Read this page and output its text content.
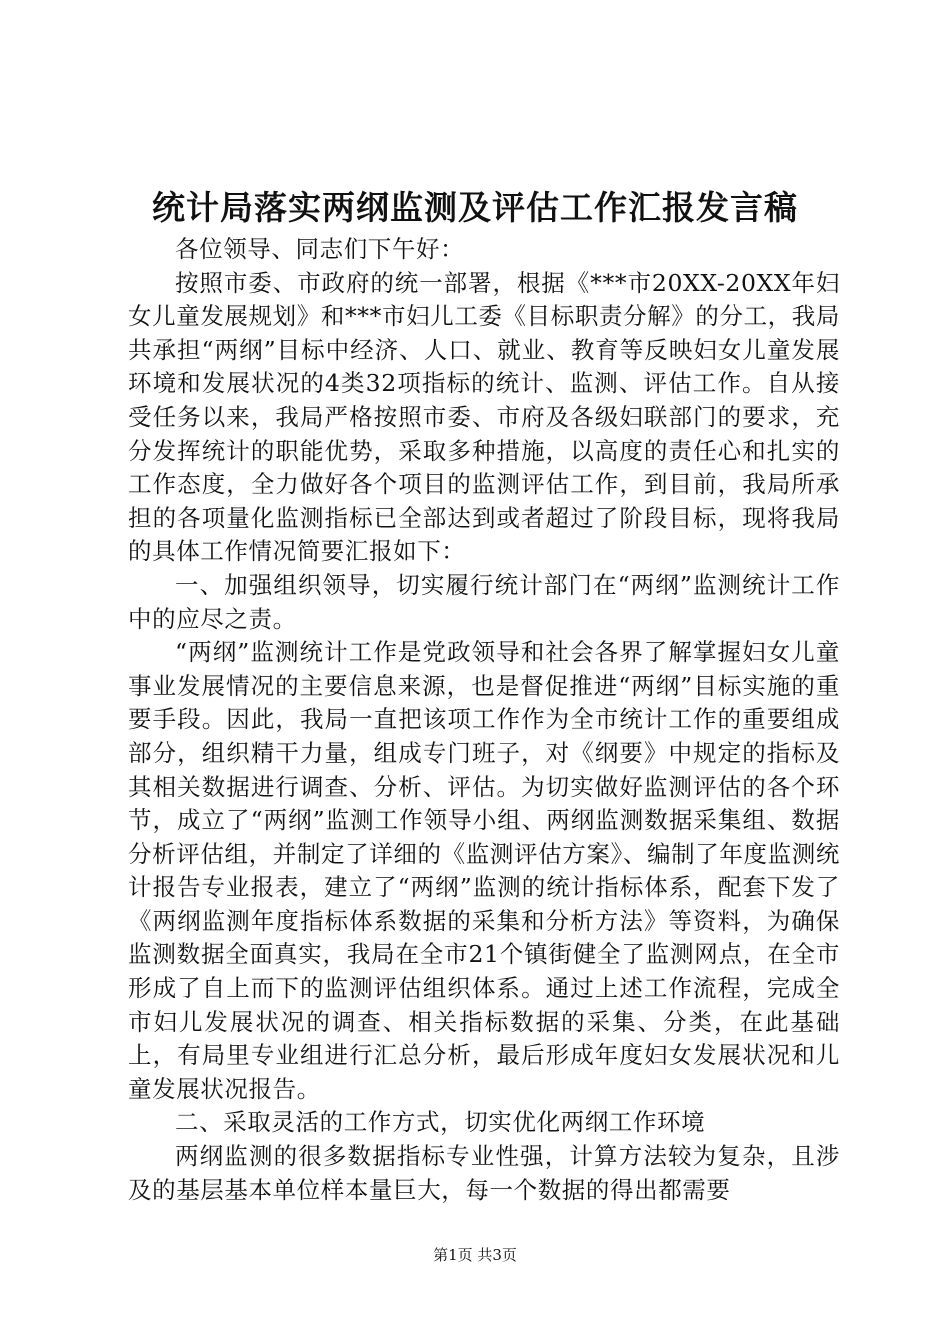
统计局落实两纲监测及评估工作汇报发言稿

各位领导、同志们下午好：

按照市委、市政府的统一部署，根据《***市20XX-20XX年妇女儿童发展规划》和***市妇儿工委《目标职责分解》的分工，我局共承担“两纲”目标中经济、人口、就业、教育等反映妇女儿童发展环境和发展状况的4类32项指标的统计、监测、评估工作。自从接受任务以来，我局严格按照市委、市府及各级妇联部门的要求，充分发挥统计的职能优势，采取多种措施，以高度的责任心和扎实的工作态度，全力做好各个项目的监测评估工作，到目前，我局所承担的各项量化监测指标已全部达到或者超过了阶段目标，现将我局的具体工作情况简要汇报如下：

一、加强组织领导，切实履行统计部门在“两纲”监测统计工作中的应尽之责。

“两纲”监测统计工作是党政领导和社会各界了解掌握妇女儿童事业发展情况的主要信息来源，也是督促推进“两纲”目标实施的重要手段。因此，我局一直把该项工作作为全市统计工作的重要组成部分，组织精干力量，组成专门班子，对《纲要》中规定的指标及其相关数据进行调查、分析、评估。为切实做好监测评估的各个环节，成立了“两纲”监测工作领导小组、两纲监测数据采集组、数据分析评估组，并制定了详细的《监测评估方案》、编制了年度监测统计报告专业报表，建立了“两纲”监测的统计指标体系，配套下发了《两纲监测年度指标体系数据的采集和分析方法》等资料，为确保监测数据全面真实，我局在全市21个镇街健全了监测网点，在全市形成了自上而下的监测评估组织体系。通过上述工作流程，完成全市妇儿发展状况的调查、相关指标数据的采集、分类，在此基础上，有局里专业组进行汇总分析，最后形成年度妇女发展状况和儿童发展状况报告。

二、采取灵活的工作方式，切实优化两纲工作环境

两纲监测的很多数据指标专业性强，计算方法较为复杂，且涉及的基层基本单位样本量巨大，每一个数据的得出都需要

第1页 共3页
